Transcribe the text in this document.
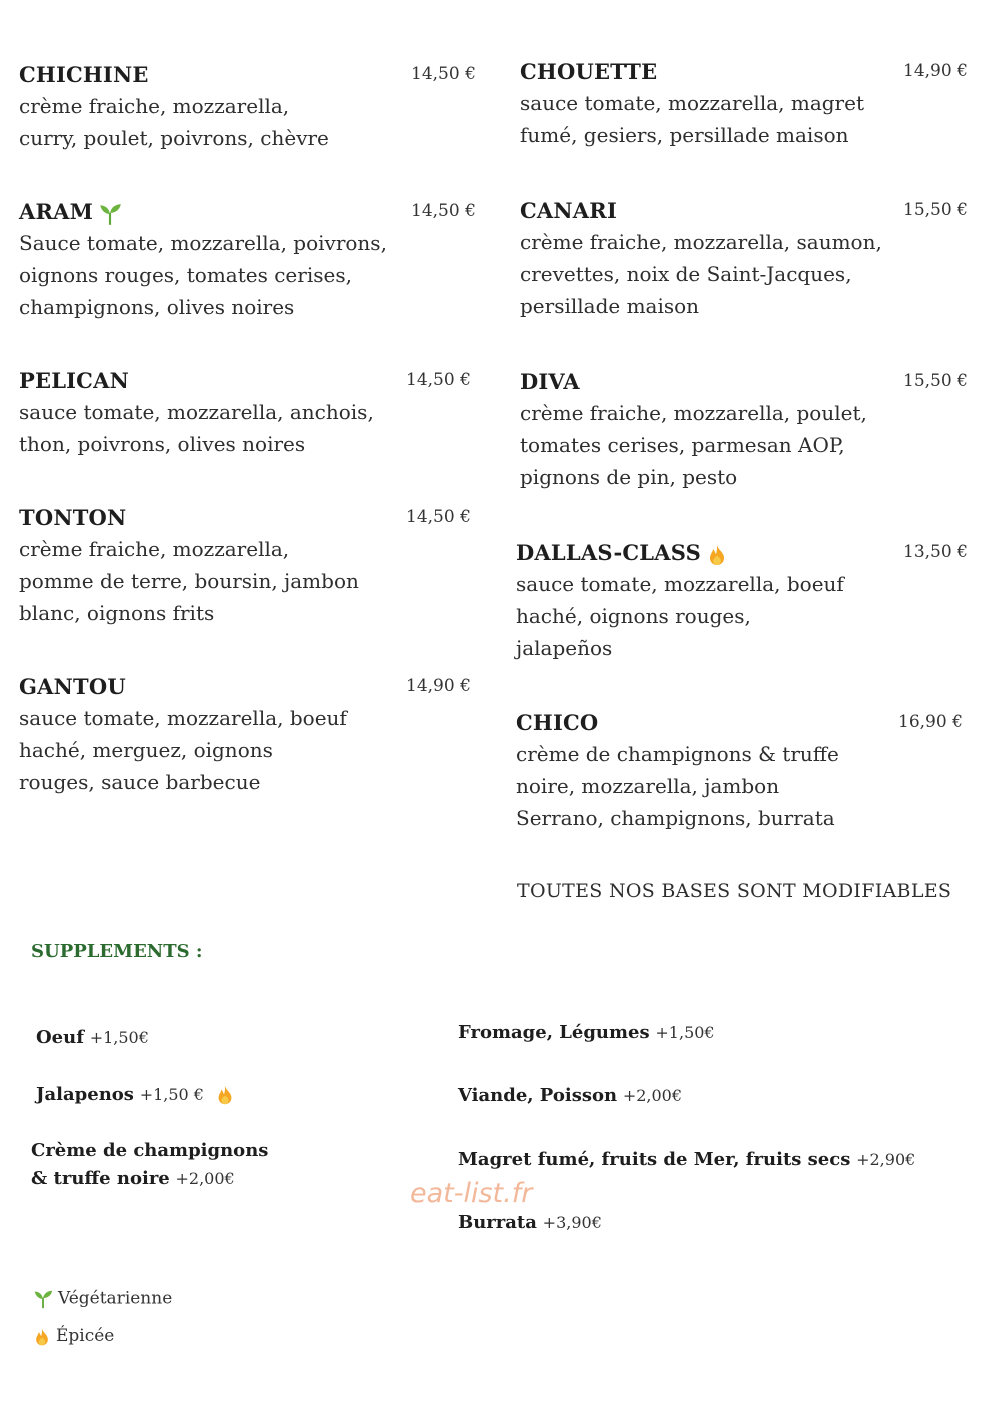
CHICHINE	14,50 €
crème fraiche, mozzarella,
curry, poulet, poivrons, chèvre
ARAM	14,50 €
Sauce tomate, mozzarella, poivrons,
oignons rouges, tomates cerises,
champignons, olives noires
PELICAN	14,50 €
sauce tomate, mozzarella, anchois,
thon, poivrons, olives noires
TONTON	14,50 €
crème fraiche, mozzarella,
pomme de terre, boursin, jambon
blanc, oignons frits
GANTOU	14,90 €
sauce tomate, mozzarella, boeuf
haché, merguez, oignons
rouges, sauce barbecue
CHOUETTE	14,90 €
sauce tomate, mozzarella, magret
fumé, gesiers, persillade maison
CANARI	15,50 €
crème fraiche, mozzarella, saumon,
crevettes, noix de Saint-Jacques,
persillade maison
DIVA	15,50 €
crème fraiche, mozzarella, poulet,
tomates cerises, parmesan AOP,
pignons de pin, pesto
DALLAS-CLASS	13,50 €
sauce tomate, mozzarella, boeuf
haché, oignons rouges,
jalapeños
CHICO	16,90 €
crème de champignons & truffe
noire, mozzarella, jambon
Serrano, champignons, burrata
TOUTES NOS BASES SONT MODIFIABLES
SUPPLEMENTS :
Oeuf +1,50€
Jalapenos +1,50 €
Crème de champignons
& truffe noire +2,00€
Fromage, Légumes +1,50€
Viande, Poisson +2,00€
Magret fumé, fruits de Mer, fruits secs +2,90€
Burrata +3,90€
eat-list.fr
Végétarienne
Épicée
